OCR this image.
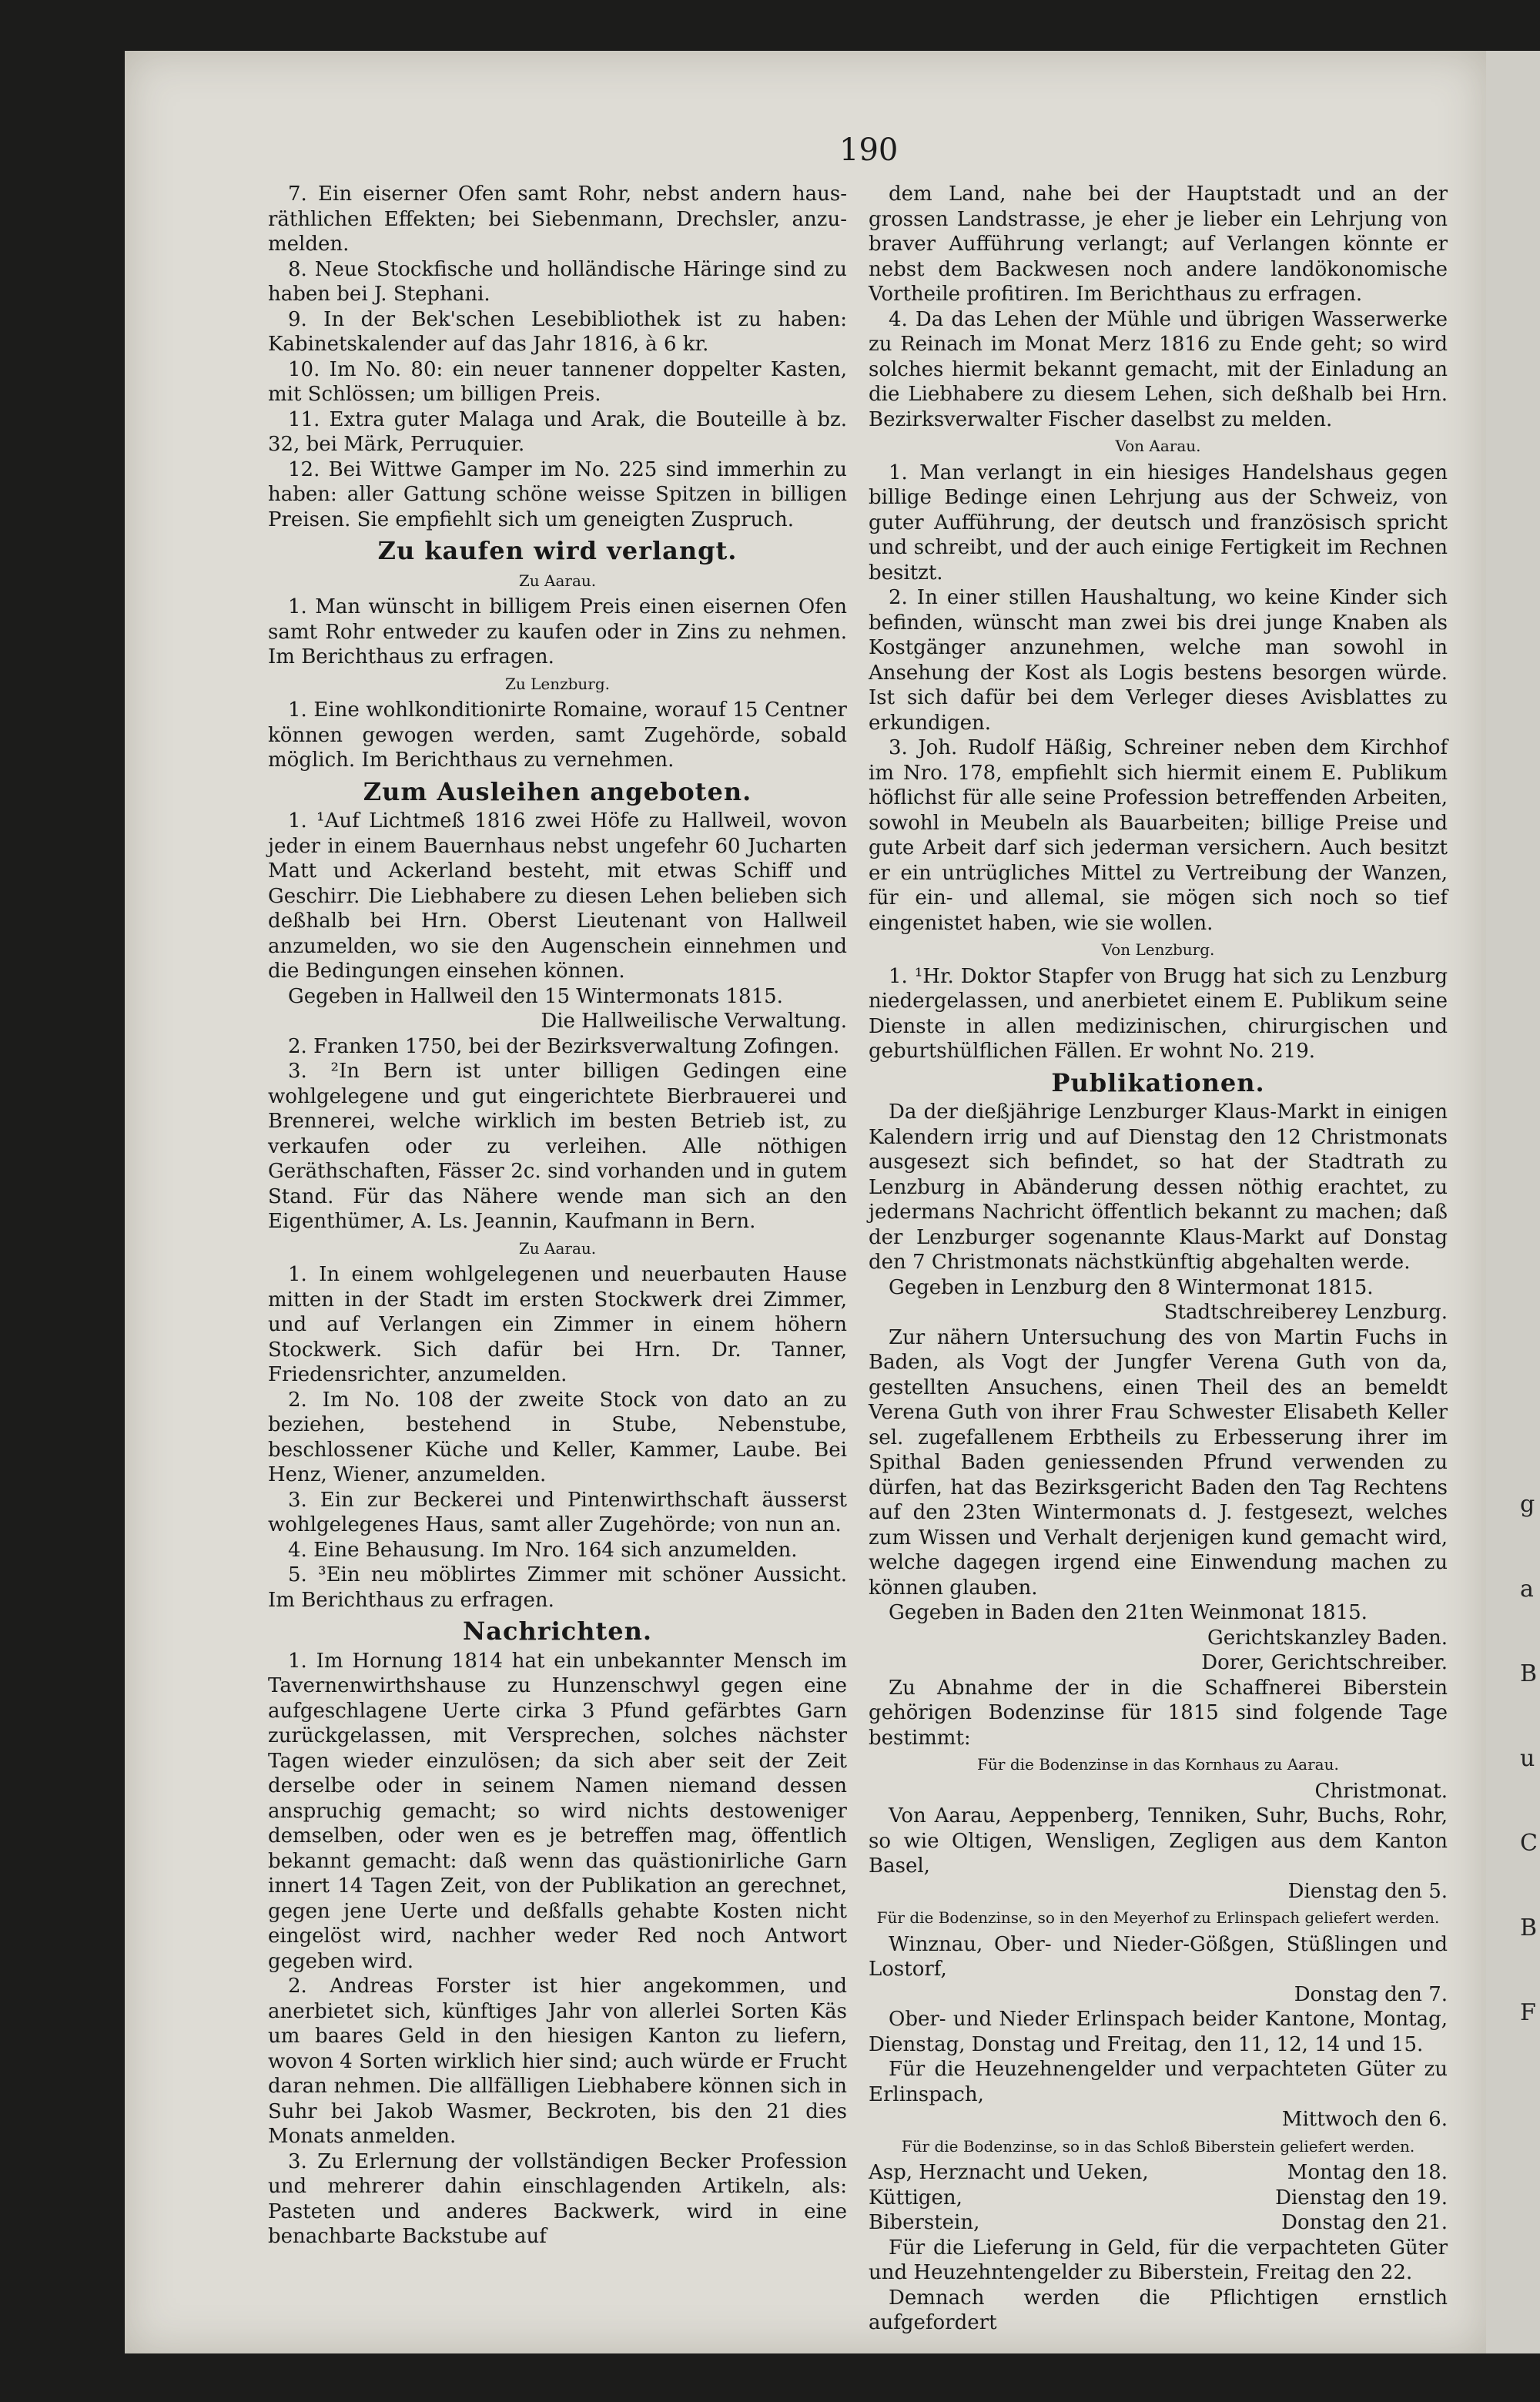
g
a
B
u
C
B
F
190

7. Ein eiserner Ofen samt Rohr, nebst andern haus-räthlichen Effekten; bei Siebenmann, Drechsler, anzu-melden.

8. Neue Stockfische und holländische Häringe sind zu haben bei J. Stephani.

9. In der Bek'schen Lesebibliothek ist zu haben: Kabinetskalender auf das Jahr 1816, à 6 kr.

10. Im No. 80: ein neuer tannener doppelter Kasten, mit Schlössen; um billigen Preis.

11. Extra guter Malaga und Arak, die Bouteille à bz. 32, bei Märk, Perruquier.

12. Bei Wittwe Gamper im No. 225 sind immerhin zu haben: aller Gattung schöne weisse Spitzen in billigen Preisen. Sie empfiehlt sich um geneigten Zuspruch.

Zu kaufen wird verlangt.

Zu Aarau.

1. Man wünscht in billigem Preis einen eisernen Ofen samt Rohr entweder zu kaufen oder in Zins zu nehmen. Im Berichthaus zu erfragen.

Zu Lenzburg.

1. Eine wohlkonditionirte Romaine, worauf 15 Centner können gewogen werden, samt Zugehörde, sobald möglich. Im Berichthaus zu vernehmen.

Zum Ausleihen angeboten.

1. ¹Auf Lichtmeß 1816 zwei Höfe zu Hallweil, wovon jeder in einem Bauernhaus nebst ungefehr 60 Jucharten Matt und Ackerland besteht, mit etwas Schiff und Geschirr. Die Liebhabere zu diesen Lehen belieben sich deßhalb bei Hrn. Oberst Lieutenant von Hallweil anzumelden, wo sie den Augenschein einnehmen und die Bedingungen einsehen können.

Gegeben in Hallweil den 15 Wintermonats 1815.

Die Hallweilische Verwaltung.

2. Franken 1750, bei der Bezirksverwaltung Zofingen.

3. ²In Bern ist unter billigen Gedingen eine wohlgelegene und gut eingerichtete Bierbrauerei und Brennerei, welche wirklich im besten Betrieb ist, zu verkaufen oder zu verleihen. Alle nöthigen Geräthschaften, Fässer 2c. sind vorhanden und in gutem Stand. Für das Nähere wende man sich an den Eigenthümer, A. Ls. Jeannin, Kaufmann in Bern.

Zu Aarau.

1. In einem wohlgelegenen und neuerbauten Hause mitten in der Stadt im ersten Stockwerk drei Zimmer, und auf Verlangen ein Zimmer in einem höhern Stockwerk. Sich dafür bei Hrn. Dr. Tanner, Friedensrichter, anzumelden.

2. Im No. 108 der zweite Stock von dato an zu beziehen, bestehend in Stube, Nebenstube, beschlossener Küche und Keller, Kammer, Laube. Bei Henz, Wiener, anzumelden.

3. Ein zur Beckerei und Pintenwirthschaft äusserst wohlgelegenes Haus, samt aller Zugehörde; von nun an.

4. Eine Behausung. Im Nro. 164 sich anzumelden.

5. ³Ein neu möblirtes Zimmer mit schöner Aussicht. Im Berichthaus zu erfragen.

Nachrichten.

1. Im Hornung 1814 hat ein unbekannter Mensch im Tavernenwirthshause zu Hunzenschwyl gegen eine aufgeschlagene Uerte cirka 3 Pfund gefärbtes Garn zurückgelassen, mit Versprechen, solches nächster Tagen wieder einzulösen; da sich aber seit der Zeit derselbe oder in seinem Namen niemand dessen anspruchig gemacht; so wird nichts destoweniger demselben, oder wen es je betreffen mag, öffentlich bekannt gemacht: daß wenn das quästionirliche Garn innert 14 Tagen Zeit, von der Publikation an gerechnet, gegen jene Uerte und deßfalls gehabte Kosten nicht eingelöst wird, nachher weder Red noch Antwort gegeben wird.

2. Andreas Forster ist hier angekommen, und anerbietet sich, künftiges Jahr von allerlei Sorten Käs um baares Geld in den hiesigen Kanton zu liefern, wovon 4 Sorten wirklich hier sind; auch würde er Frucht daran nehmen. Die allfälligen Liebhabere können sich in Suhr bei Jakob Wasmer, Beckroten, bis den 21 dies Monats anmelden.

3. Zu Erlernung der vollständigen Becker Profession und mehrerer dahin einschlagenden Artikeln, als: Pasteten und anderes Backwerk, wird in eine benachbarte Backstube auf

dem Land, nahe bei der Hauptstadt und an der grossen Landstrasse, je eher je lieber ein Lehrjung von braver Aufführung verlangt; auf Verlangen könnte er nebst dem Backwesen noch andere landökonomische Vortheile profitiren. Im Berichthaus zu erfragen.

4. Da das Lehen der Mühle und übrigen Wasserwerke zu Reinach im Monat Merz 1816 zu Ende geht; so wird solches hiermit bekannt gemacht, mit der Einladung an die Liebhabere zu diesem Lehen, sich deßhalb bei Hrn. Bezirksverwalter Fischer daselbst zu melden.

Von Aarau.

1. Man verlangt in ein hiesiges Handelshaus gegen billige Bedinge einen Lehrjung aus der Schweiz, von guter Aufführung, der deutsch und französisch spricht und schreibt, und der auch einige Fertigkeit im Rechnen besitzt.

2. In einer stillen Haushaltung, wo keine Kinder sich befinden, wünscht man zwei bis drei junge Knaben als Kostgänger anzunehmen, welche man sowohl in Ansehung der Kost als Logis bestens besorgen würde. Ist sich dafür bei dem Verleger dieses Avisblattes zu erkundigen.

3. Joh. Rudolf Häßig, Schreiner neben dem Kirchhof im Nro. 178, empfiehlt sich hiermit einem E. Publikum höflichst für alle seine Profession betreffenden Arbeiten, sowohl in Meubeln als Bauarbeiten; billige Preise und gute Arbeit darf sich jederman versichern. Auch besitzt er ein untrügliches Mittel zu Vertreibung der Wanzen, für ein- und allemal, sie mögen sich noch so tief eingenistet haben, wie sie wollen.

Von Lenzburg.

1. ¹Hr. Doktor Stapfer von Brugg hat sich zu Lenzburg niedergelassen, und anerbietet einem E. Publikum seine Dienste in allen medizinischen, chirurgischen und geburtshülflichen Fällen. Er wohnt No. 219.

Publikationen.

Da der dießjährige Lenzburger Klaus-Markt in einigen Kalendern irrig und auf Dienstag den 12 Christmonats ausgesezt sich befindet, so hat der Stadtrath zu Lenzburg in Abänderung dessen nöthig erachtet, zu jedermans Nachricht öffentlich bekannt zu machen; daß der Lenzburger sogenannte Klaus-Markt auf Donstag den 7 Christmonats nächstkünftig abgehalten werde.

Gegeben in Lenzburg den 8 Wintermonat 1815.

Stadtschreiberey Lenzburg.

Zur nähern Untersuchung des von Martin Fuchs in Baden, als Vogt der Jungfer Verena Guth von da, gestellten Ansuchens, einen Theil des an bemeldt Verena Guth von ihrer Frau Schwester Elisabeth Keller sel. zugefallenem Erbtheils zu Erbesserung ihrer im Spithal Baden geniessenden Pfrund verwenden zu dürfen, hat das Bezirksgericht Baden den Tag Rechtens auf den 23ten Wintermonats d. J. festgesezt, welches zum Wissen und Verhalt derjenigen kund gemacht wird, welche dagegen irgend eine Einwendung machen zu können glauben.

Gegeben in Baden den 21ten Weinmonat 1815.

Gerichtskanzley Baden.

Dorer, Gerichtschreiber.

Zu Abnahme der in die Schaffnerei Biberstein gehörigen Bodenzinse für 1815 sind folgende Tage bestimmt:

Für die Bodenzinse in das Kornhaus zu Aarau.

Christmonat.

Von Aarau, Aeppenberg, Tenniken, Suhr, Buchs, Rohr, so wie Oltigen, Wensligen, Zegligen aus dem Kanton Basel,

Dienstag den 5.

Für die Bodenzinse, so in den Meyerhof zu Erlinspach geliefert werden.

Winznau, Ober- und Nieder-Gößgen, Stüßlingen und Lostorf,

Donstag den 7.

Ober- und Nieder Erlinspach beider Kantone, Montag, Dienstag, Donstag und Freitag, den 11, 12, 14 und 15.

Für die Heuzehnengelder und verpachteten Güter zu Erlinspach,

Mittwoch den 6.

Für die Bodenzinse, so in das Schloß Biberstein geliefert werden.

Asp, Herznacht und Ueken,	Montag den 18.
Küttigen,	Dienstag den 19.
Biberstein,	Donstag den 21.

Für die Lieferung in Geld, für die verpachteten Güter und Heuzehntengelder zu Biberstein, Freitag den 22.

Demnach werden die Pflichtigen ernstlich aufgefordert
